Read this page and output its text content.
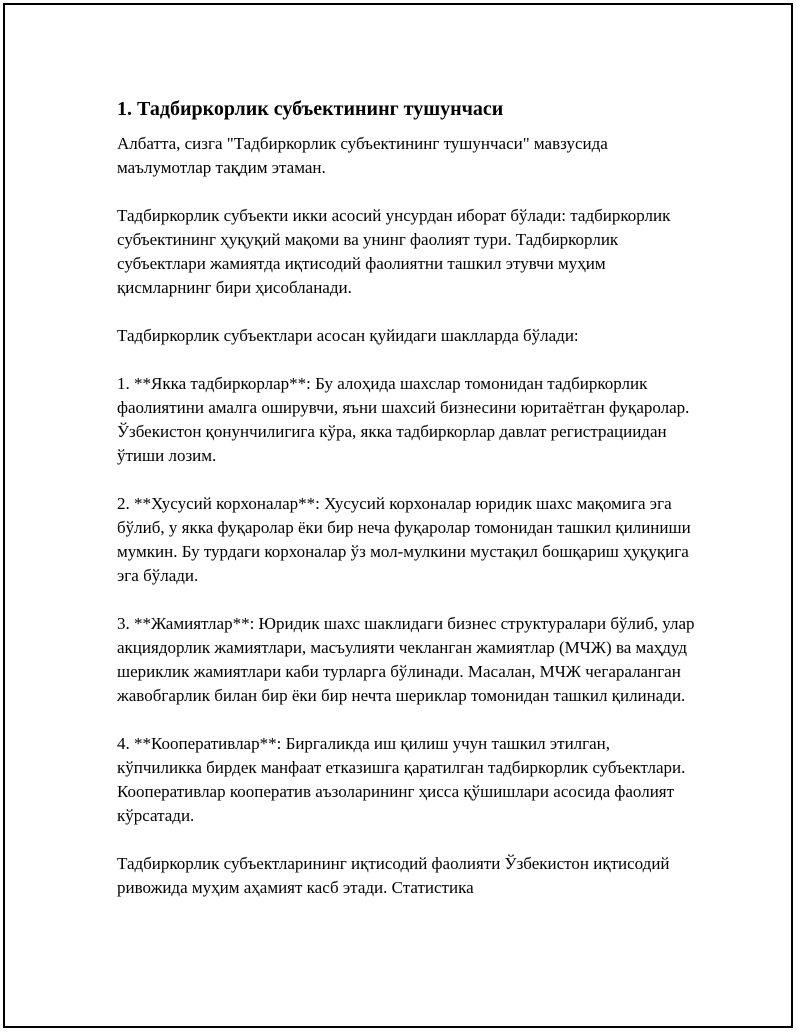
1. Тадбиркорлик субъектининг тушунчаси

Албатта, сизга "Тадбиркорлик субъектининг тушунчаси" мавзусида маълумотлар тақдим этаман.

Тадбиркорлик субъекти икки асосий унсурдан иборат бўлади: тадбиркорлик субъектининг ҳуқуқий мақоми ва унинг фаолият тури. Тадбиркорлик субъектлари жамиятда иқтисодий фаолиятни ташкил этувчи муҳим қисмларнинг бири ҳисобланади.

Тадбиркорлик субъектлари асосан қуйидаги шаклларда бўлади:

1. **Якка тадбиркорлар**: Бу алоҳида шахслар томонидан тадбиркорлик фаолиятини амалга оширувчи, яъни шахсий бизнесини юритаётган фуқаролар. Ўзбекистон қонунчилигига кўра, якка тадбиркорлар давлат регистрациидан ўтиши лозим.

2. **Хусусий корхоналар**: Хусусий корхоналар юридик шахс мақомига эга бўлиб, у якка фуқаролар ёки бир неча фуқаролар томонидан ташкил қилиниши мумкин. Бу турдаги корхоналар ўз мол-мулкини мустақил бошқариш ҳуқуқига эга бўлади.

3. **Жамиятлар**: Юридик шахс шаклидаги бизнес структуралари бўлиб, улар акциядорлик жамиятлари, масъулияти чекланган жамиятлар (МЧЖ) ва маҳдуд шериклик жамиятлари каби турларга бўлинади. Масалан, МЧЖ чегараланган жавобгарлик билан бир ёки бир нечта шериклар томонидан ташкил қилинади.

4. **Кооперативлар**: Биргаликда иш қилиш учун ташкил этилган, кўпчиликка бирдек манфаат етказишга қаратилган тадбиркорлик субъектлари. Кооперативлар кооператив аъзоларининг ҳисса қўшишлари асосида фаолият кўрсатади.

Тадбиркорлик субъектларининг иқтисодий фаолияти Ўзбекистон иқтисодий ривожида муҳим аҳамият касб этади. Статистика
